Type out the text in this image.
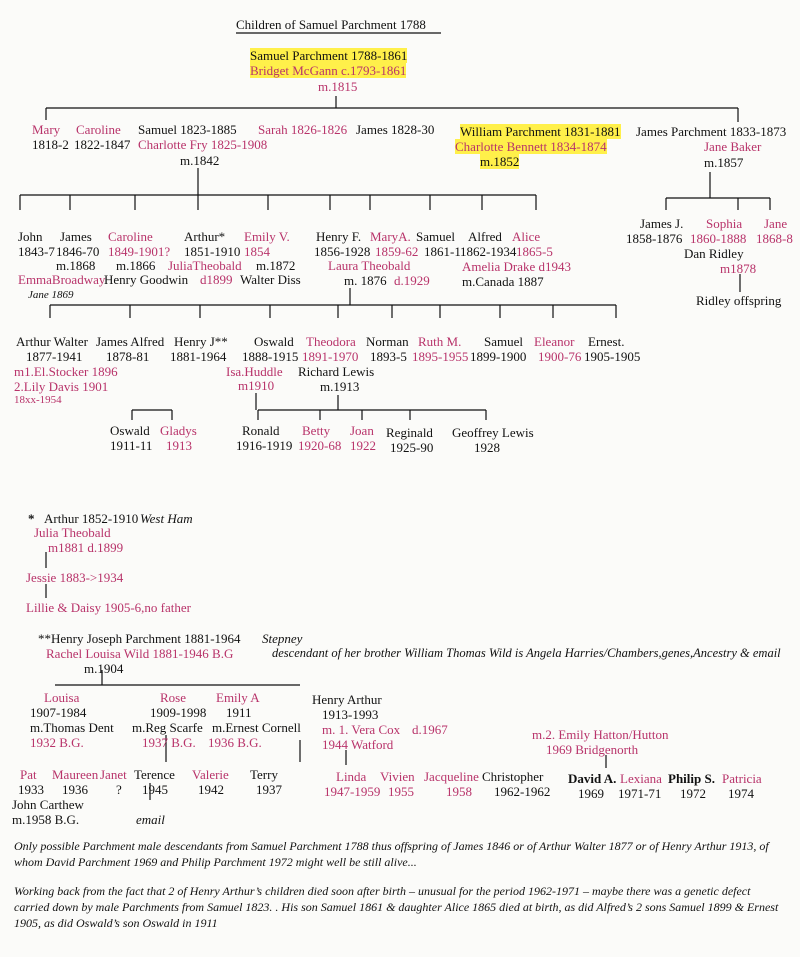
Children of Samuel Parchment 1788
Samuel Parchment 1788-1861
Bridget McGann c.1793-1861
m.1815
Mary
1818-2
Caroline
1822-1847
Samuel 1823-1885
Charlotte Fry 1825-1908
m.1842
Sarah 1826-1826 James 1828-30 William Parchment 1831-1881
Charlotte Bennett 1834-1874
m.1852
James Parchment 1833-1873
Jane Baker
m.1857
John
1843-7
James
1846-70
m.1868
EmmaBroadway
Jane 1869
Caroline
1849-1901?
m.1866
Henry Goodwin
Arthur*
1851-1910
JuliaTheobald
d1899
Emily V.
1854
m.1872
Walter Diss
Henry F.
1856-1928
Laura Theobald
m. 1876 d.1929
MaryA.
1859-62
Samuel
1861-1
Alfred
1862-1934
Amelia Drake d1943
m.Canada 1887
Alice
1865-5
James J.
1858-1876
Sophia
1860-1888
Dan Ridley
m1878
Jane
1868-8
Ridley offspring
Arthur Walter
1877-1941
m1.El.Stocker 1896
2.Lily Davis 1901
18xx-1954
James Alfred
1878-81
Henry J**
1881-1964
Oswald
1888-1915
Isa.Huddle
m1910
Theodora
1891-1970
Richard Lewis
m.1913
Norman
1893-5
Ruth M.
1895-1955
Samuel
1899-1900
Eleanor
1900-76
Ernest.
1905-1905
Oswald
1911-11
Gladys
1913
Ronald
1916-1919
Betty
1920-68
Joan
1922
Reginald
1925-90
Geoffrey Lewis
1928
* Arthur 1852-1910 West Ham
Julia Theobald
m1881 d.1899
Jessie 1883->1934
Lillie & Daisy 1905-6,no father
**Henry Joseph Parchment 1881-1964 Stepney
Rachel Louisa Wild 1881-1946 B.G	descendant of her brother William Thomas Wild is Angela Harries/Chambers,genes,Ancestry & email
m.1904
Louisa
1907-1984
m.Thomas Dent
1932 B.G.
Rose
1909-1998
m.Reg Scarfe
1937 B.G.
Emily A
1911
m.Ernest Cornell
1936 B.G.
Henry Arthur
1913-1993
m. 1. Vera Cox d.1967
1944 Watford
m.2. Emily Hatton/Hutton
1969 Bridgenorth
Pat
1933
Maureen
1936
John Carthew
m.1958 B.G.
Janet
?
Terence
1945
email
Valerie
1942
Terry
1937
Linda
1947-1959
Vivien
1955
Jacqueline
1958
Christopher
1962-1962
David A.
1969
Lexiana
1971-71
Philip S.
1972
Patricia
1974
Only possible Parchment male descendants from Samuel Parchment 1788 thus offspring of James 1846 or of Arthur Walter 1877 or of Henry Arthur 1913, of whom David Parchment 1969 and Philip Parchment 1972 might well be still alive...
Working back from the fact that 2 of Henry Arthur’s children died soon after birth – unusual for the period 1962-1971 – maybe there was a genetic defect carried down by male Parchments from Samuel 1823. . His son Samuel 1861 & daughter Alice 1865 died at birth, as did Alfred’s 2 sons Samuel 1899 & Ernest 1905, as did Oswald’s son Oswald in 1911
